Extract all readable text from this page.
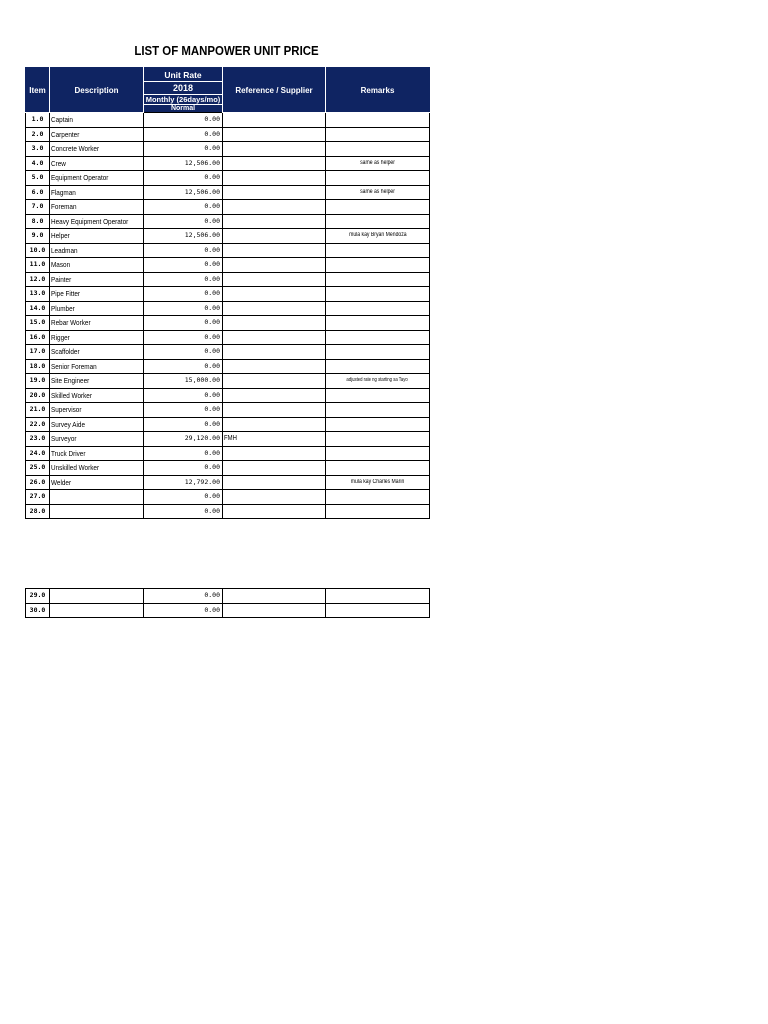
LIST OF MANPOWER UNIT PRICE
Item	Description	Unit Rate	Reference / Supplier	Remarks
		2018		
		Monthly (26days/mo)		
		Normal		
1.0	Captain	0.00		
2.0	Carpenter	0.00		
3.0	Concrete Worker	0.00		
4.0	Crew	12,506.00		same as helper
5.0	Equipment Operator	0.00		
6.0	Flagman	12,506.00		same as helper
7.0	Foreman	0.00		
8.0	Heavy Equipment Operator	0.00		
9.0	Helper	12,506.00		mula kay Bryan Mendoza
10.0	Leadman	0.00		
11.0	Mason	0.00		
12.0	Painter	0.00		
13.0	Pipe Fitter	0.00		
14.0	Plumber	0.00		
15.0	Rebar Worker	0.00		
16.0	Rigger	0.00		
17.0	Scaffolder	0.00		
18.0	Senior Foreman	0.00		
19.0	Site Engineer	15,000.00		adjusted rate ng starting sa Tayo
20.0	Skilled Worker	0.00		
21.0	Supervisor	0.00		
22.0	Survey Aide	0.00		
23.0	Surveyor	29,120.00	FMH	
24.0	Truck Driver	0.00		
25.0	Unskilled Worker	0.00		
26.0	Welder	12,792.00		mula kay Charles Marin
27.0		0.00		
28.0		0.00		
29.0		0.00		
30.0		0.00		
